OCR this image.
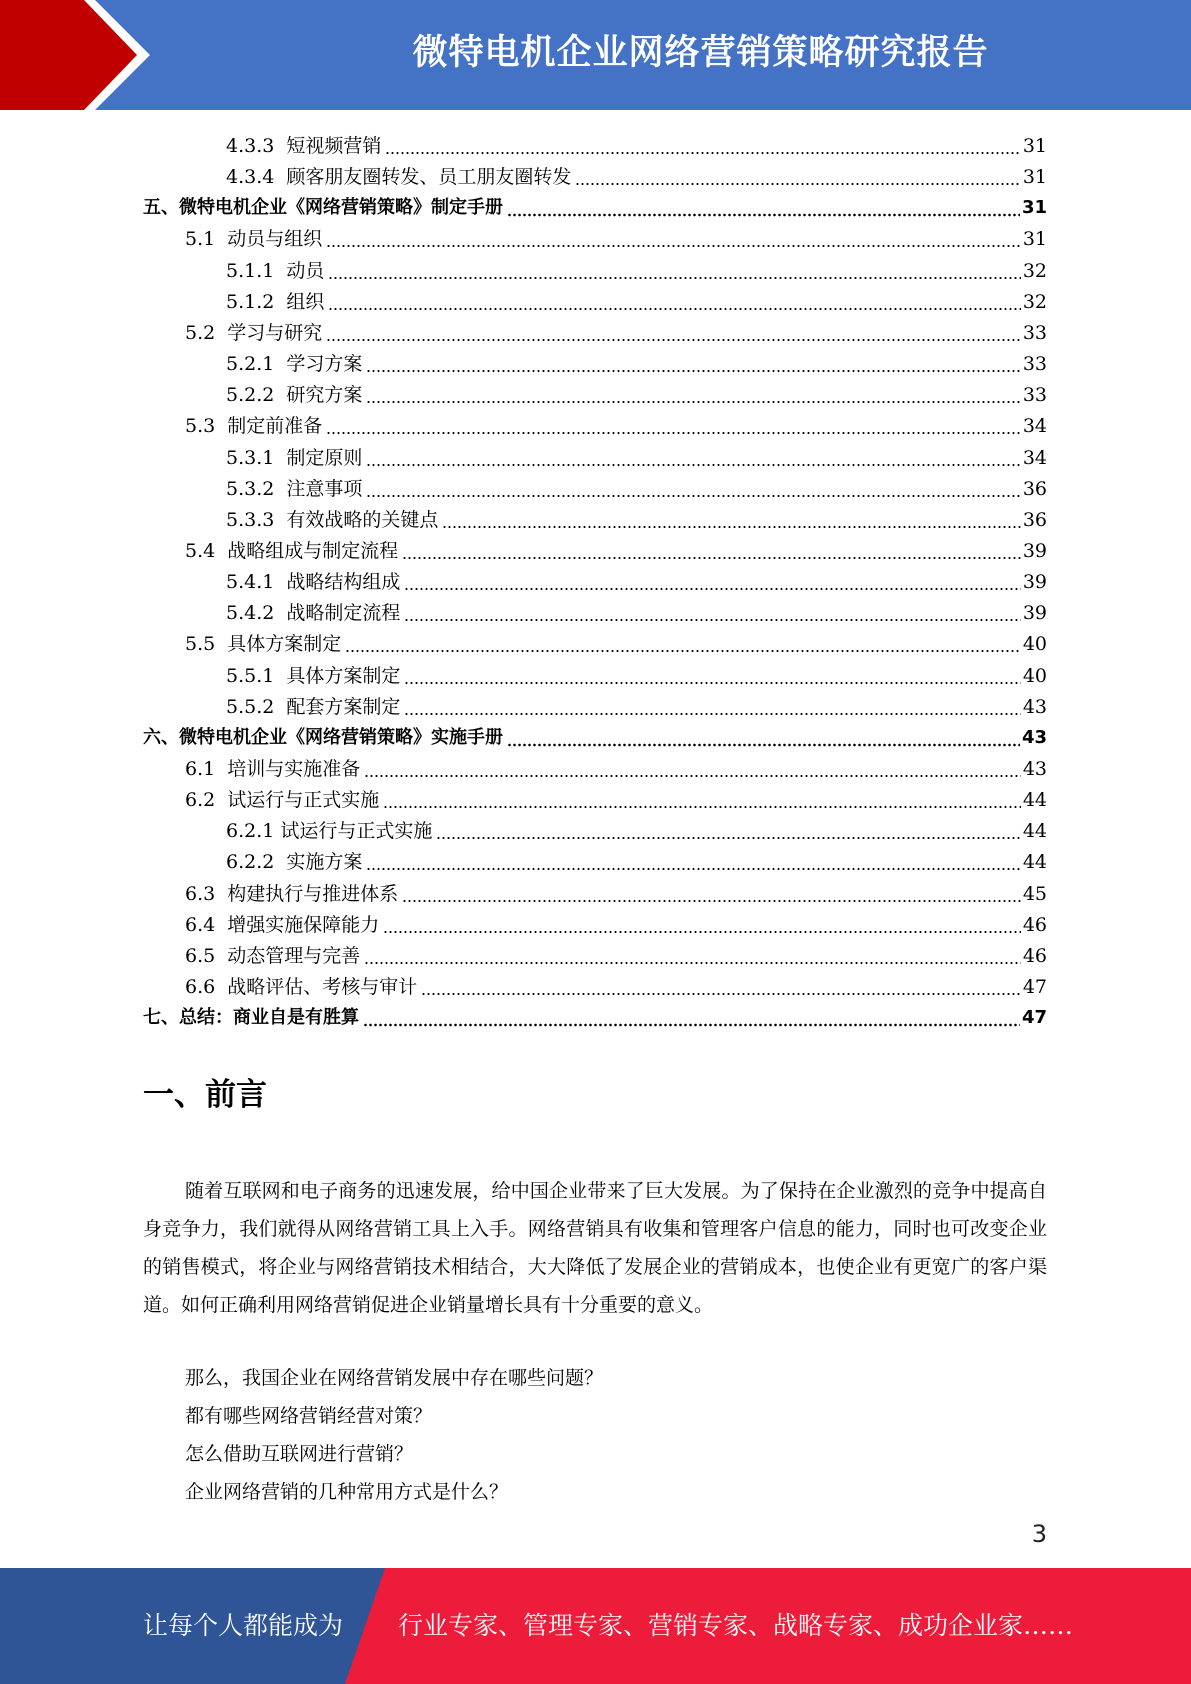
微特电机企业网络营销策略研究报告
4.3.3  短视频营销	31
4.3.4  顾客朋友圈转发、员工朋友圈转发	31
五、微特电机企业《网络营销策略》制定手册	31
5.1  动员与组织	31
5.1.1  动员	32
5.1.2  组织	32
5.2  学习与研究	33
5.2.1  学习方案	33
5.2.2  研究方案	33
5.3  制定前准备	34
5.3.1  制定原则	34
5.3.2  注意事项	36
5.3.3  有效战略的关键点	36
5.4  战略组成与制定流程	39
5.4.1  战略结构组成	39
5.4.2  战略制定流程	39
5.5  具体方案制定	40
5.5.1  具体方案制定	40
5.5.2  配套方案制定	43
六、微特电机企业《网络营销策略》实施手册	43
6.1  培训与实施准备	43
6.2  试运行与正式实施	44
6.2.1 试运行与正式实施	44
6.2.2  实施方案	44
6.3  构建执行与推进体系	45
6.4  增强实施保障能力	46
6.5  动态管理与完善	46
6.6  战略评估、考核与审计	47
七、总结：商业自是有胜算	47
一、前言
随着互联网和电子商务的迅速发展，给中国企业带来了巨大发展。为了保持在企业激烈的竞争中提高自身竞争力，我们就得从网络营销工具上入手。网络营销具有收集和管理客户信息的能力，同时也可改变企业的销售模式，将企业与网络营销技术相结合，大大降低了发展企业的营销成本，也使企业有更宽广的客户渠道。如何正确利用网络营销促进企业销量增长具有十分重要的意义。
那么，我国企业在网络营销发展中存在哪些问题？
都有哪些网络营销经营对策？
怎么借助互联网进行营销？
企业网络营销的几种常用方式是什么？
3
让每个人都能成为 行业专家、管理专家、营销专家、战略专家、成功企业家……
